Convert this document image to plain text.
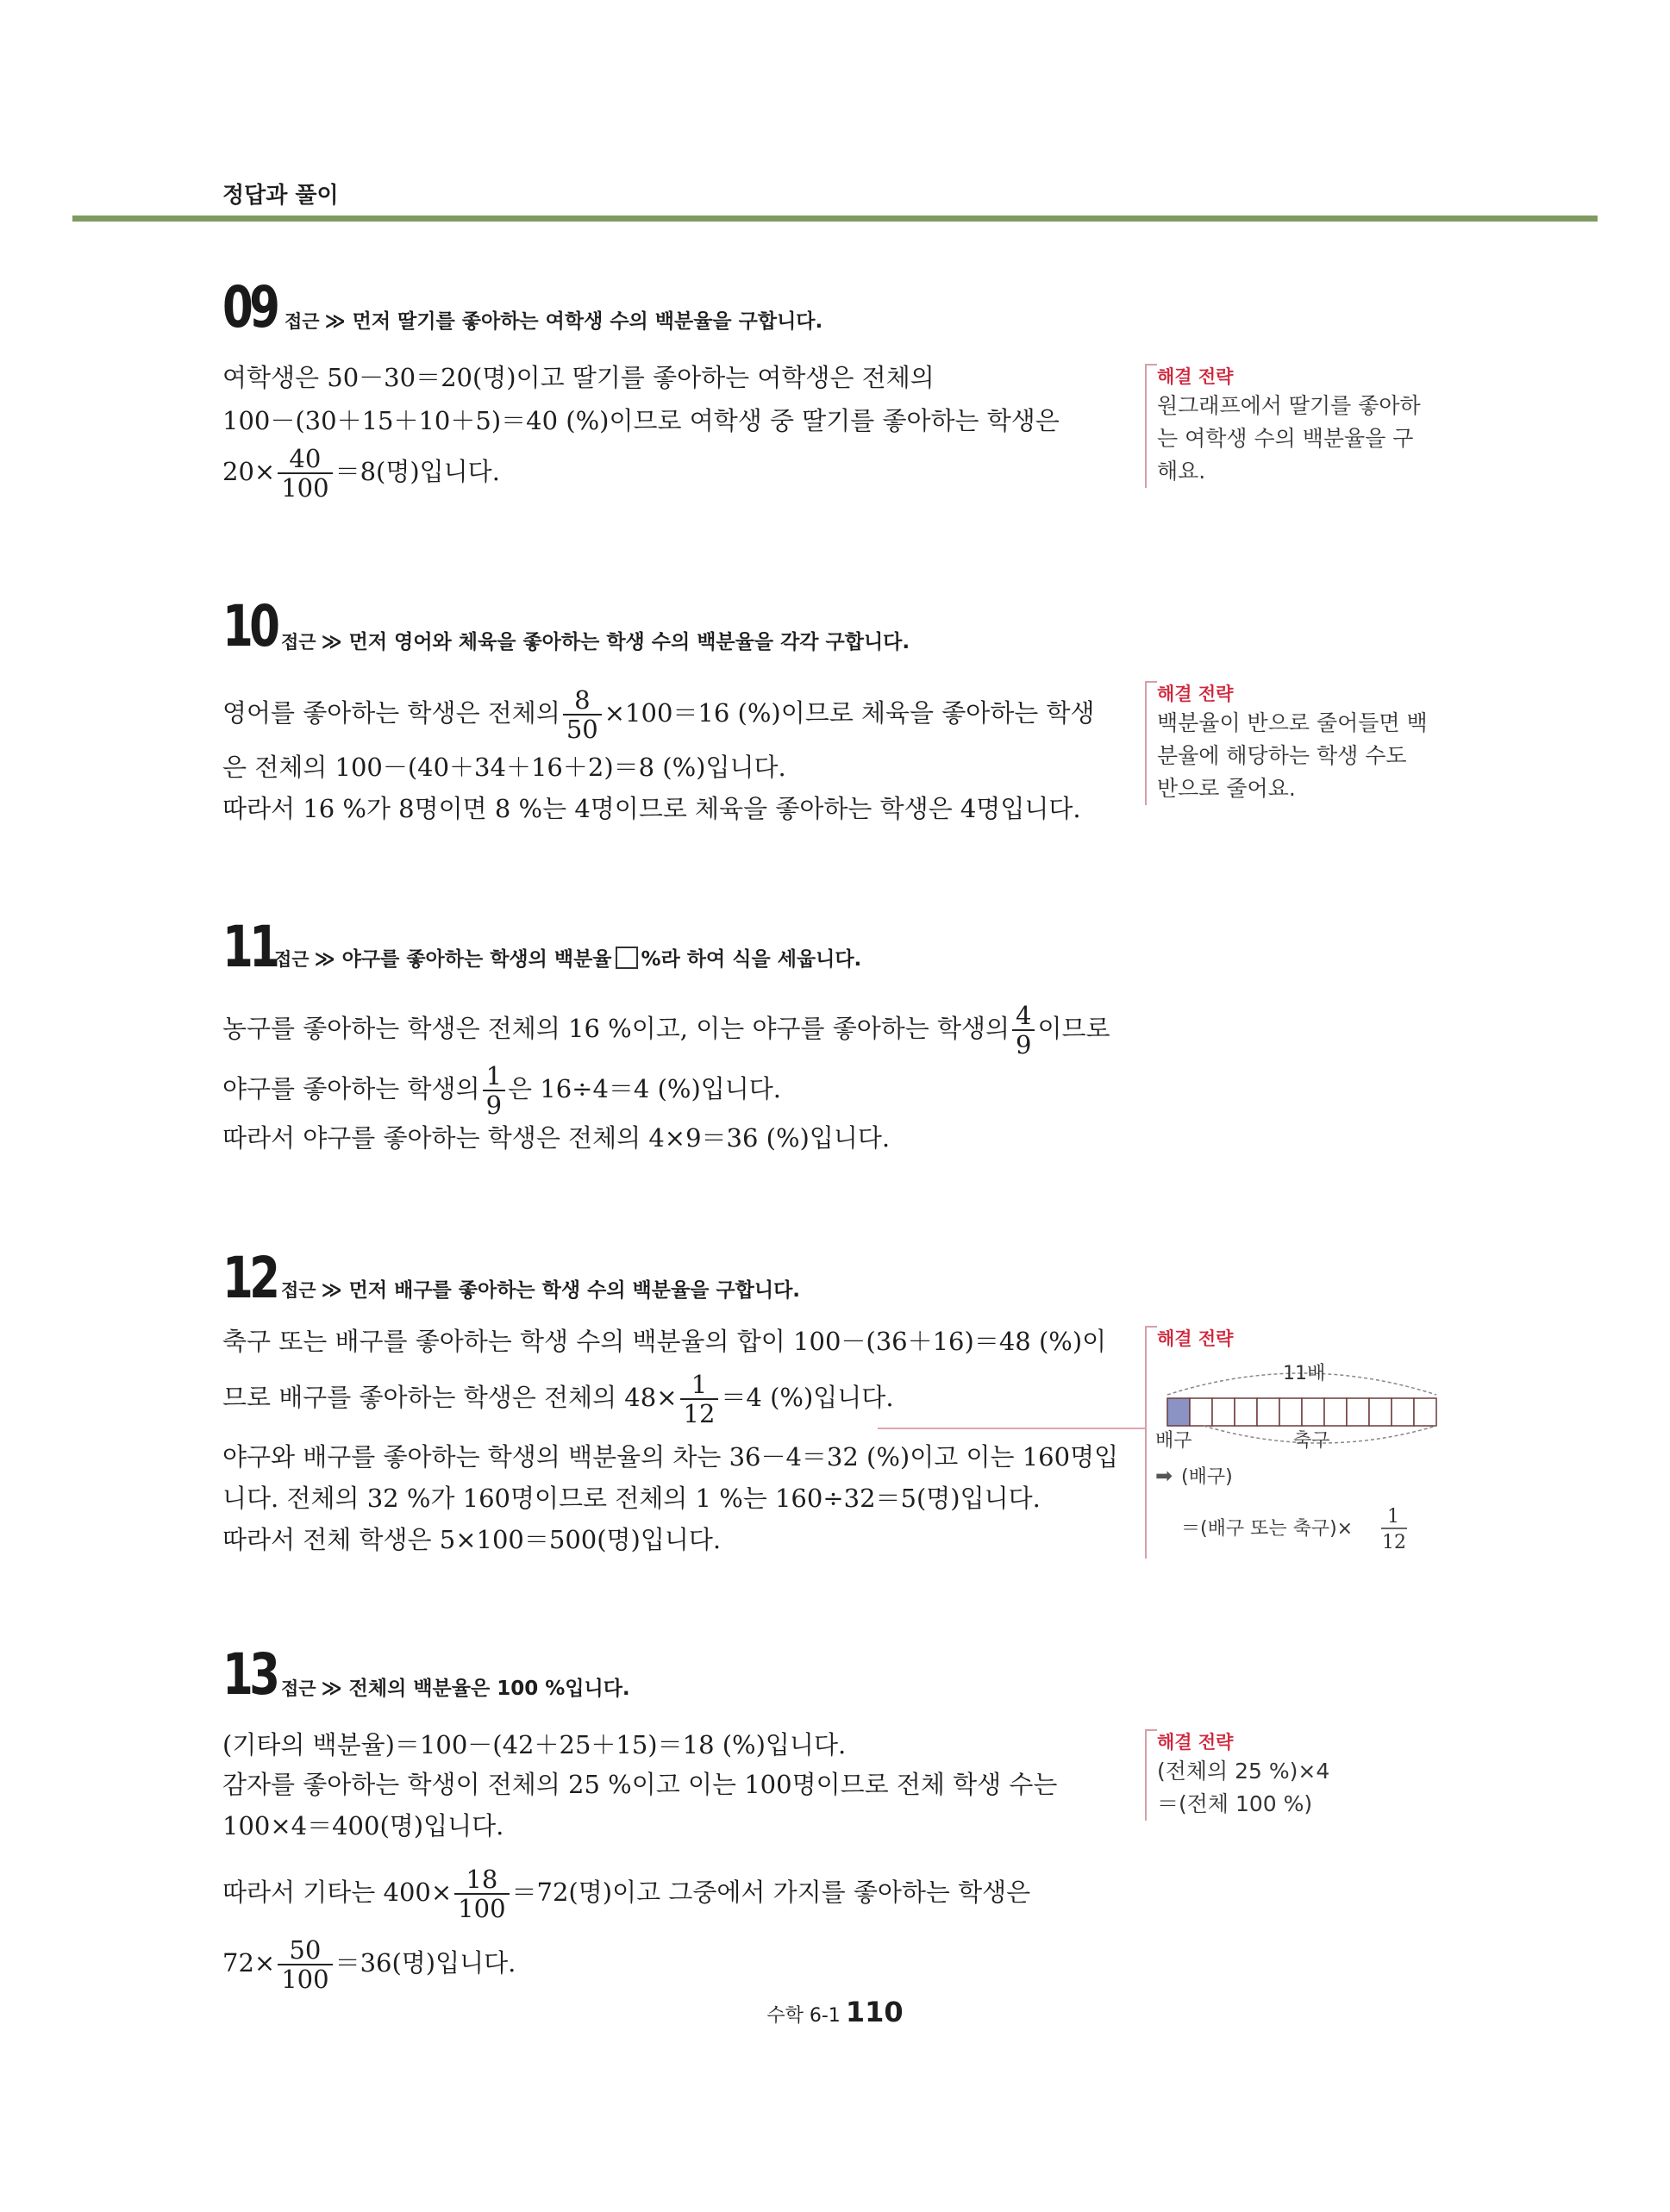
정답과 풀이
09 접근 ≫ 먼저 딸기를 좋아하는 여학생 수의 백분율을 구합니다.
여학생은 50－30＝20(명)이고 딸기를 좋아하는 여학생은 전체의
100－(30＋15＋10＋5)＝40 (%)이므로 여학생 중 딸기를 좋아하는 학생은
$20\times \frac{40}{100} =8$(명)입니다.
해결 전략
원그래프에서 딸기를 좋아하
는 여학생 수의 백분율을 구
해요.
10 접근 ≫ 먼저 영어와 체육을 좋아하는 학생 수의 백분율을 각각 구합니다.
영어를 좋아하는 학생은 전체의 $\frac{8}{50} \times 100=16$ (%)이므로 체육을 좋아하는 학생
은 전체의 100－(40＋34＋16＋2)＝8 (%)입니다.
따라서 16 %가 8명이면 8 %는 4명이므로 체육을 좋아하는 학생은 4명입니다.
해결 전략
백분율이 반으로 줄어들면 백
분율에 해당하는 학생 수도
반으로 줄어요.
11
접근 ≫ 야구를 좋아하는 학생의 백분율 %라 하여 식을 세웁니다.
농구를 좋아하는 학생은 전체의 16 %이고, 이는 야구를 좋아하는 학생의 $\frac{4}{9}$ 이므로
야구를 좋아하는 학생의 $\frac{1}{9}$ 은 16÷4＝4 (%)입니다.
따라서 야구를 좋아하는 학생은 전체의 4×9＝36 (%)입니다.
12 접근 ≫ 먼저 배구를 좋아하는 학생 수의 백분율을 구합니다.
축구 또는 배구를 좋아하는 학생 수의 백분율의 합이 100－(36＋16)＝48 (%)이
므로 배구를 좋아하는 학생은 전체의 $48\times \frac{1}{12} =4$ (%)입니다.
야구와 배구를 좋아하는 학생의 백분율의 차는 36－4＝32 (%)이고 이는 160명입
니다. 전체의 32 %가 160명이므로 전체의 1 %는 160÷32＝5(명)입니다.
따라서 전체 학생은 5×100＝500(명)입니다.
해결 전략
11배
배구	축구
➡ (배구)
＝(배구 또는 축구)×
1
12
13 접근 ≫ 전체의 백분율은 100 %입니다.
(기타의 백분율)＝100－(42＋25＋15)＝18 (%)입니다.
감자를 좋아하는 학생이 전체의 25 %이고 이는 100명이므로 전체 학생 수는
100×4＝400(명)입니다.
따라서 기타는 $400\times \frac{18}{100} =72$(명)이고 그중에서 가지를 좋아하는 학생은
$72\times \frac{50}{100} =36$(명)입니다.
해결 전략
(전체의 25 %)×4
＝(전체 100 %)
수학 6-1 110
